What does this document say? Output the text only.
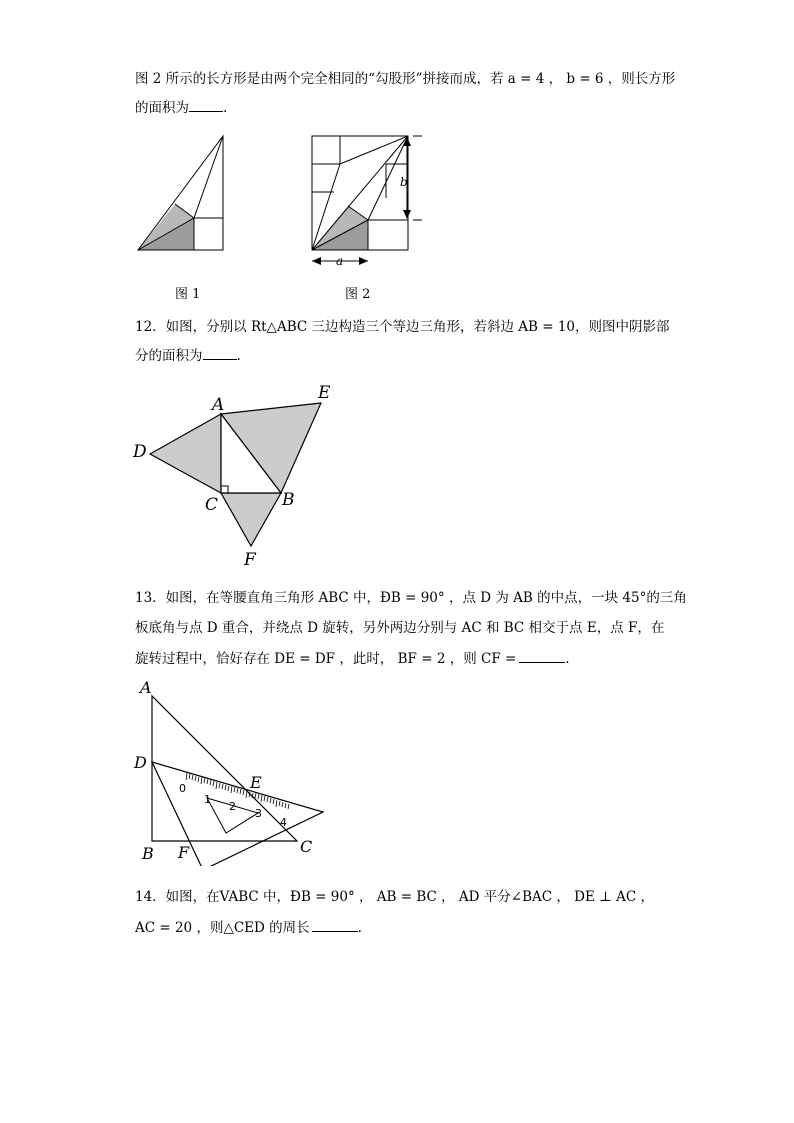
图 2 所示的长方形是由两个完全相同的“勾股形”拼接而成，若 a = 4 ， b = 6 ，则长方形
的面积为	.
图 1
b
a
图 2
12．如图，分别以 Rt△ABC 三边构造三个等边三角形，若斜边 AB = 10，则图中阴影部
分的面积为	.
A
E
D
C	B
F
13．如图，在等腰直角三角形 ABC 中，ÐB = 90° ，点 D 为 AB 的中点，一块 45°的三角
板底角与点 D 重合，并绕点 D 旋转，另外两边分别与 AC 和 BC 相交于点 E，点 F，在
旋转过程中，恰好存在 DE = DF ，此时， BF = 2 ，则 CF =	.
0
1
2
3
4
A
D
E
B F	C
14．如图，在VABC 中，ÐB = 90° ， AB = BC ， AD 平分∠BAC ， DE ⊥ AC ，
AC = 20 ，则△CED 的周长	.
